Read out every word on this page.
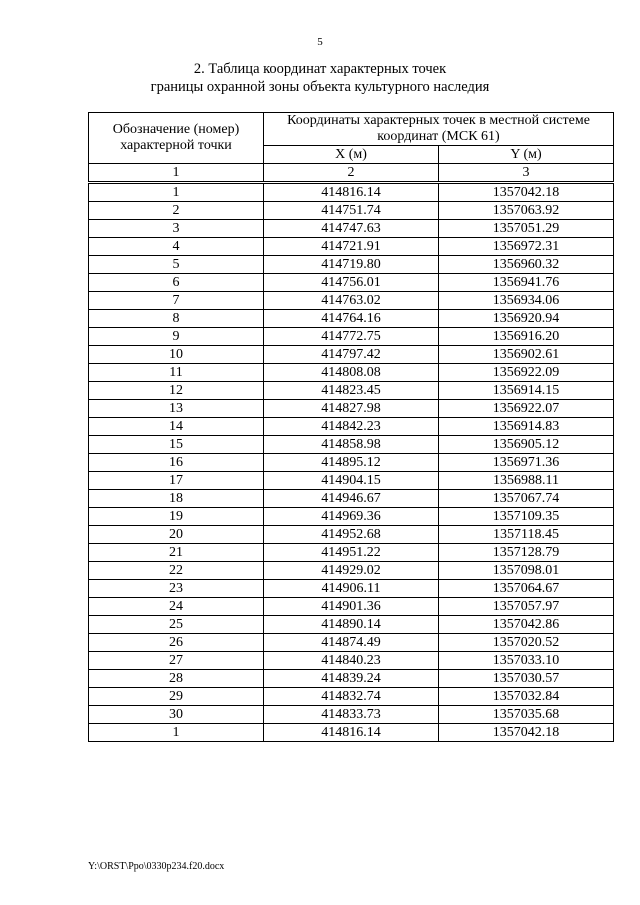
5
2. Таблица координат характерных точек
границы охранной зоны объекта культурного наследия
Обозначение (номер) характерной точки	Координаты характерных точек в местной системе координат (МСК 61)	
	X (м)	Y (м)
1	2	3
1	414816.14	1357042.18
2	414751.74	1357063.92
3	414747.63	1357051.29
4	414721.91	1356972.31
5	414719.80	1356960.32
6	414756.01	1356941.76
7	414763.02	1356934.06
8	414764.16	1356920.94
9	414772.75	1356916.20
10	414797.42	1356902.61
11	414808.08	1356922.09
12	414823.45	1356914.15
13	414827.98	1356922.07
14	414842.23	1356914.83
15	414858.98	1356905.12
16	414895.12	1356971.36
17	414904.15	1356988.11
18	414946.67	1357067.74
19	414969.36	1357109.35
20	414952.68	1357118.45
21	414951.22	1357128.79
22	414929.02	1357098.01
23	414906.11	1357064.67
24	414901.36	1357057.97
25	414890.14	1357042.86
26	414874.49	1357020.52
27	414840.23	1357033.10
28	414839.24	1357030.57
29	414832.74	1357032.84
30	414833.73	1357035.68
1	414816.14	1357042.18
Y:\ORST\Ppo\0330p234.f20.docx
